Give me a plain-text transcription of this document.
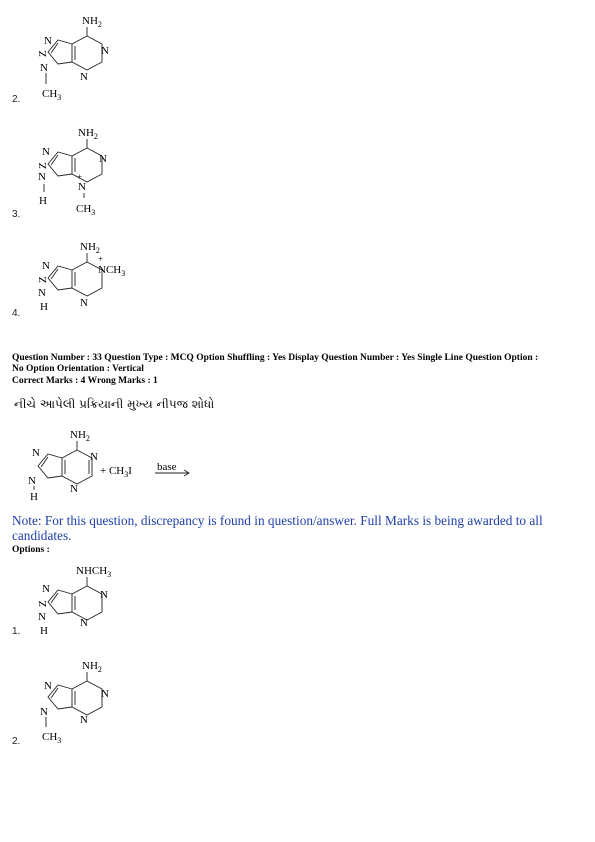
$NH_2$
N
N
N
N
Z
$CH_3$
2.
$NH_2$
N
N
+
N
N
Z
H
$CH_3$
3.
$NH_2$
+
$NCH_3$
N
N
N
Z
H
4.
Question Number : 33 Question Type : MCQ Option Shuffling : Yes Display Question Number : Yes Single Line Question Option :
No Option Orientation : Vertical
Correct Marks : 4 Wrong Marks : 1
નીચે આપેલી પ્રક્રિયાની મુખ્ય નીપજ શોધો
$NH_2$
N
N
N
N
H
+ $CH_3I$ base
Note: For this question, discrepancy is found in question/answer. Full Marks is being awarded to all candidates.
Options :
$NHCH_3$
N
N
N
N
Z
H
1.
$NH_2$
N
N
N
N
$CH_3$
2.
